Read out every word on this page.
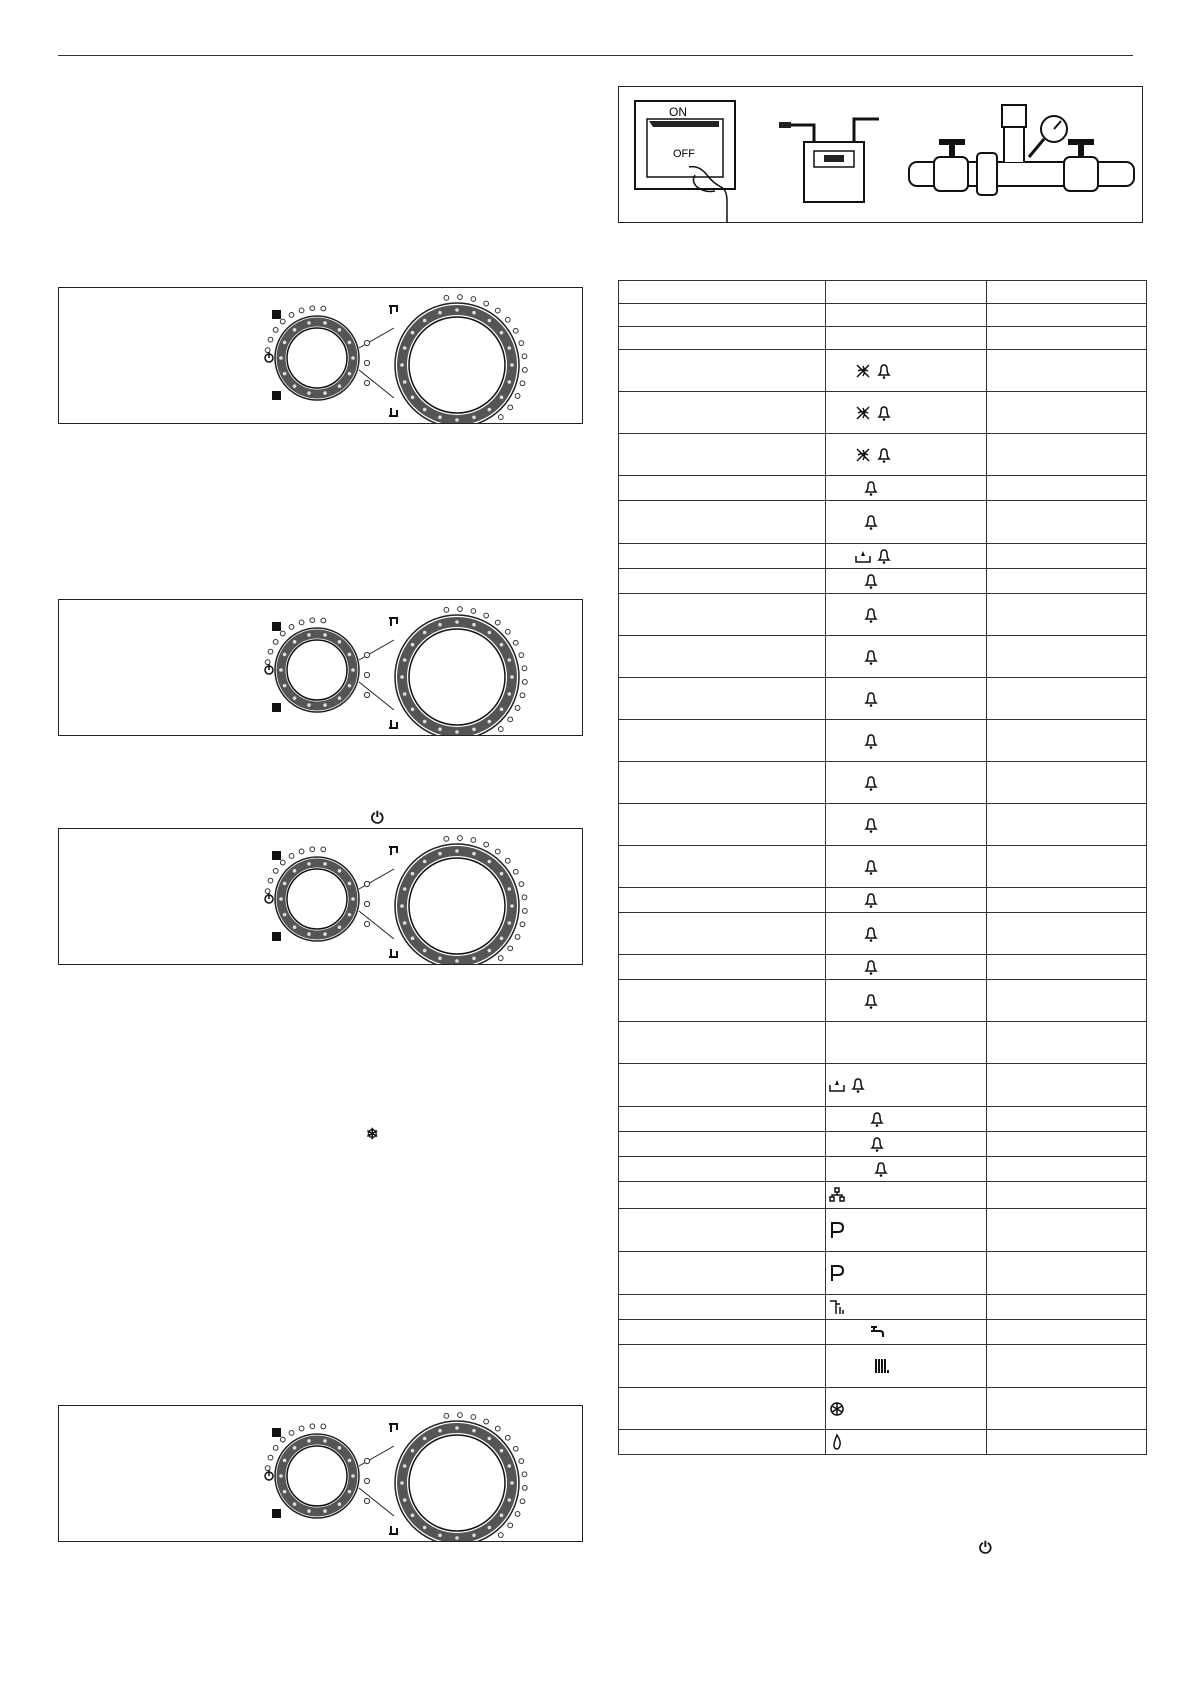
ON
OFF
⏻
❄
⏻
